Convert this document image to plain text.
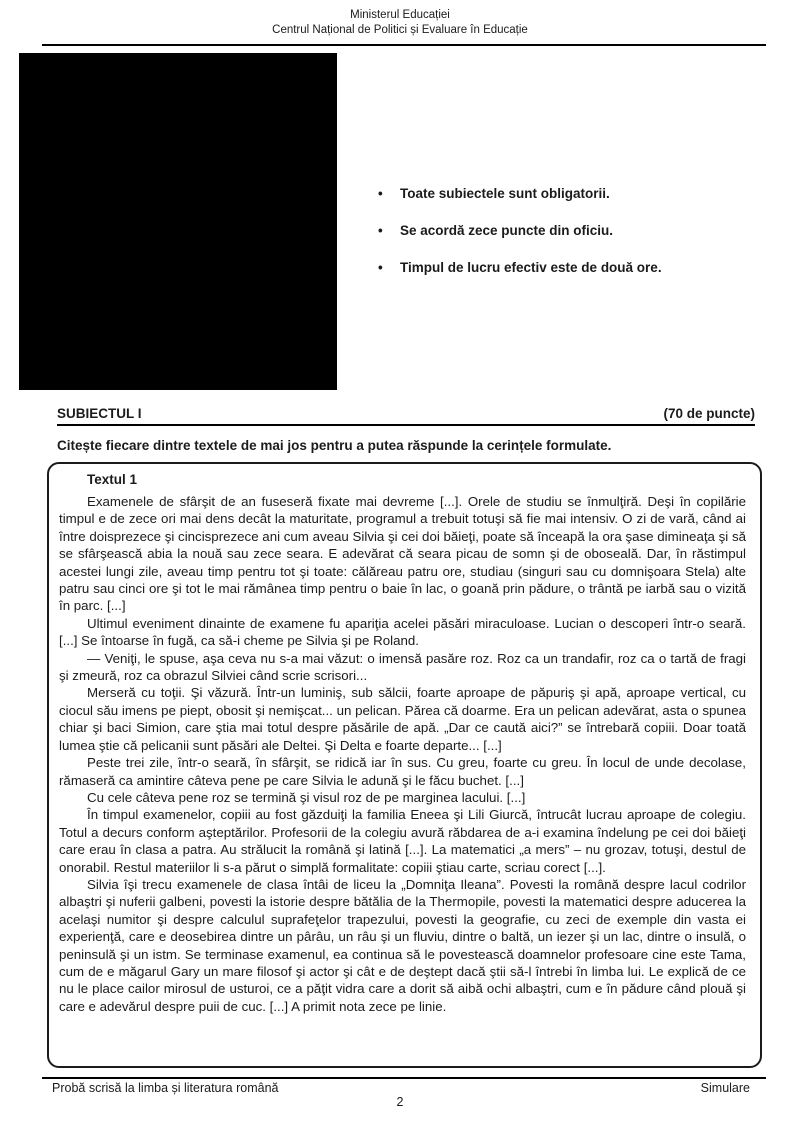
Ministerul Educației
Centrul Național de Politici și Evaluare în Educație
•	Toate subiectele sunt obligatorii.
•	Se acordă zece puncte din oficiu.
•	Timpul de lucru efectiv este de două ore.
SUBIECTUL I	(70 de puncte)
Citește fiecare dintre textele de mai jos pentru a putea răspunde la cerințele formulate.
Textul 1

Examenele de sfârşit de an fuseseră fixate mai devreme [...]. Orele de studiu se înmulţiră. Deşi în copilărie timpul e de zece ori mai dens decât la maturitate, programul a trebuit totuşi să fie mai intensiv. O zi de vară, când ai între doisprezece şi cincisprezece ani cum aveau Silvia şi cei doi băieţi, poate să înceapă la ora şase dimineaţa şi să se sfârşească abia la nouă sau zece seara. E adevărat că seara picau de somn şi de oboseală. Dar, în răstimpul acestei lungi zile, aveau timp pentru tot şi toate: călăreau patru ore, studiau (singuri sau cu domnişoara Stela) alte patru sau cinci ore şi tot le mai rămânea timp pentru o baie în lac, o goană prin pădure, o trântă pe iarbă sau o vizită în parc. [...]

Ultimul eveniment dinainte de examene fu apariţia acelei păsări miraculoase. Lucian o descoperi într-o seară. [...] Se întoarse în fugă, ca să-i cheme pe Silvia şi pe Roland.

— Veniţi, le spuse, aşa ceva nu s-a mai văzut: o imensă pasăre roz. Roz ca un trandafir, roz ca o tartă de fragi şi zmeură, roz ca obrazul Silviei când scrie scrisori...

Merseră cu toţii. Şi văzură. Într-un luminiş, sub sălcii, foarte aproape de păpuriş şi apă, aproape vertical, cu ciocul său imens pe piept, obosit şi nemişcat... un pelican. Părea că doarme. Era un pelican adevărat, asta o spunea chiar şi baci Simion, care ştia mai totul despre păsările de apă. „Dar ce caută aici?” se întrebară copiii. Doar toată lumea ştie că pelicanii sunt păsări ale Deltei. Şi Delta e foarte departe... [...]

Peste trei zile, într-o seară, în sfârşit, se ridică iar în sus. Cu greu, foarte cu greu. În locul de unde decolase, rămaseră ca amintire câteva pene pe care Silvia le adună şi le făcu buchet. [...]

Cu cele câteva pene roz se termină şi visul roz de pe marginea lacului. [...]

În timpul examenelor, copiii au fost găzduiţi la familia Eneea şi Lili Giurcă, întrucât lucrau aproape de colegiu. Totul a decurs conform aşteptărilor. Profesorii de la colegiu avură răbdarea de a-i examina îndelung pe cei doi băieţi care erau în clasa a patra. Au strălucit la română şi latină [...]. La matematici „a mers” – nu grozav, totuşi, destul de onorabil. Restul materiilor li s-a părut o simplă formalitate: copiii ştiau carte, scriau corect [...].

Silvia îşi trecu examenele de clasa întâi de liceu la „Domniţa Ileana”. Povesti la română despre lacul codrilor albaştri şi nuferii galbeni, povesti la istorie despre bătălia de la Thermopile, povesti la matematici despre aducerea la acelaşi numitor şi despre calculul suprafeţelor trapezului, povesti la geografie, cu zeci de exemple din vasta ei experienţă, care e deosebirea dintre un pârâu, un râu şi un fluviu, dintre o baltă, un iezer şi un lac, dintre o insulă, o peninsulă şi un istm. Se terminase examenul, ea continua să le povestească doamnelor profesoare cine este Tama, cum de e măgarul Gary un mare filosof şi actor şi cât e de deştept dacă ştii să-l întrebi în limba lui. Le explică de ce nu le place cailor mirosul de usturoi, ce a păţit vidra care a dorit să aibă ochi albaştri, cum e în pădure când plouă şi care e adevărul despre puii de cuc. [...] A primit nota zece pe linie.

Probă scrisă la limba și literatura română	Simulare
2
